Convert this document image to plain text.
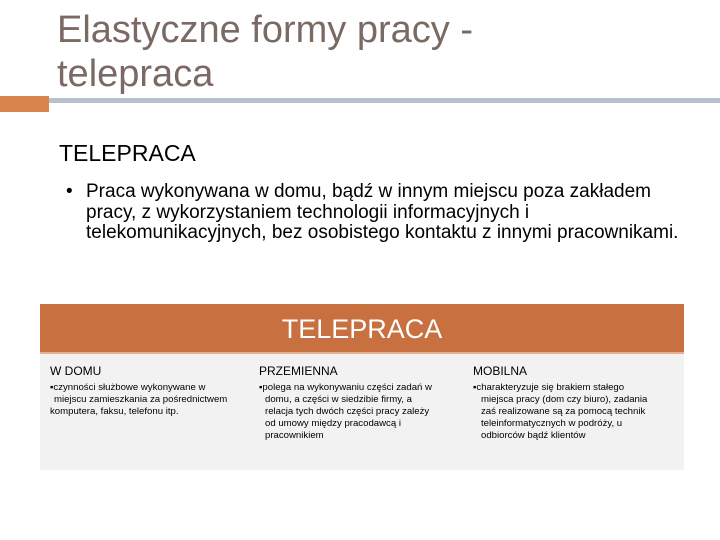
Elastyczne formy pracy -
telepraca
TELEPRACA
• Praca wykonywana w domu, bądź w innym miejscu poza zakładem pracy, z wykorzystaniem technologii informacyjnych i telekomunikacyjnych, bez osobistego kontaktu z innymi pracownikami.
TELEPRACA
W DOMU
▪czynności służbowe wykonywane w
miejscu zamieszkania za pośrednictwem
komputera, faksu, telefonu itp.
PRZEMIENNA
▪polega na wykonywaniu części zadań w
domu, a części w siedzibie firmy, a
relacja tych dwóch części pracy zależy
od umowy między pracodawcą i
pracownikiem
MOBILNA
▪charakteryzuje się brakiem stałego
miejsca pracy (dom czy biuro), zadania
zaś realizowane są za pomocą technik
teleinformatycznych w podróży, u
odbiorców bądź klientów
